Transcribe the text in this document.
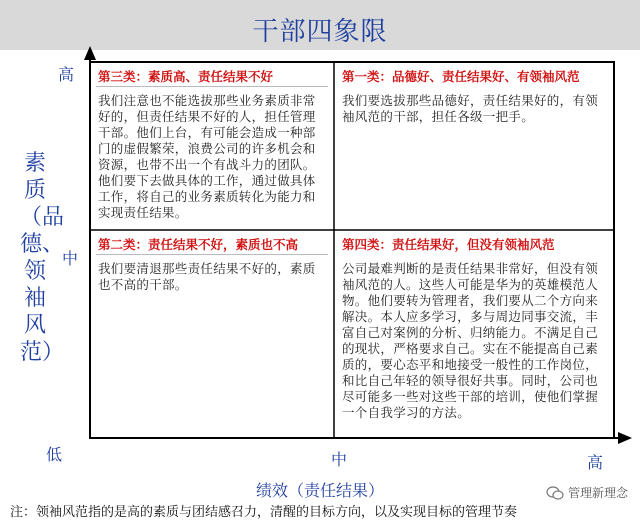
干部四象限
素质（品德、领袖风范）
高
中
低	中	高
绩效（责任结果）
第三类：素质高、责任结果不好
我们注意也不能选拔那些业务素质非常好的，但责任结果不好的人，担任管理干部。他们上台，有可能会造成一种部门的虚假繁荣，浪费公司的许多机会和资源，也带不出一个有战斗力的团队。他们要下去做具体的工作，通过做具体工作，将自己的业务素质转化为能力和实现责任结果。
第一类：品德好、责任结果好、有领袖风范
我们要选拔那些品德好，责任结果好的，有领袖风范的干部，担任各级一把手。
第二类：责任结果不好，素质也不高
我们要清退那些责任结果不好的，素质也不高的干部。
第四类：责任结果好，但没有领袖风范
公司最难判断的是责任结果非常好，但没有领袖风范的人。这些人可能是华为的英雄模范人物。他们要转为管理者，我们要从二个方向来解决。本人应多学习，多与周边同事交流，丰富自己对案例的分析、归纳能力。不满足自己的现状，严格要求自己。实在不能提高自己素质的，要心态平和地接受一般性的工作岗位，和比自己年轻的领导很好共事。同时，公司也尽可能多一些对这些干部的培训，使他们掌握一个自我学习的方法。
注：领袖风范指的是高的素质与团结感召力，清醒的目标方向，以及实现目标的管理节奏
管理新理念
